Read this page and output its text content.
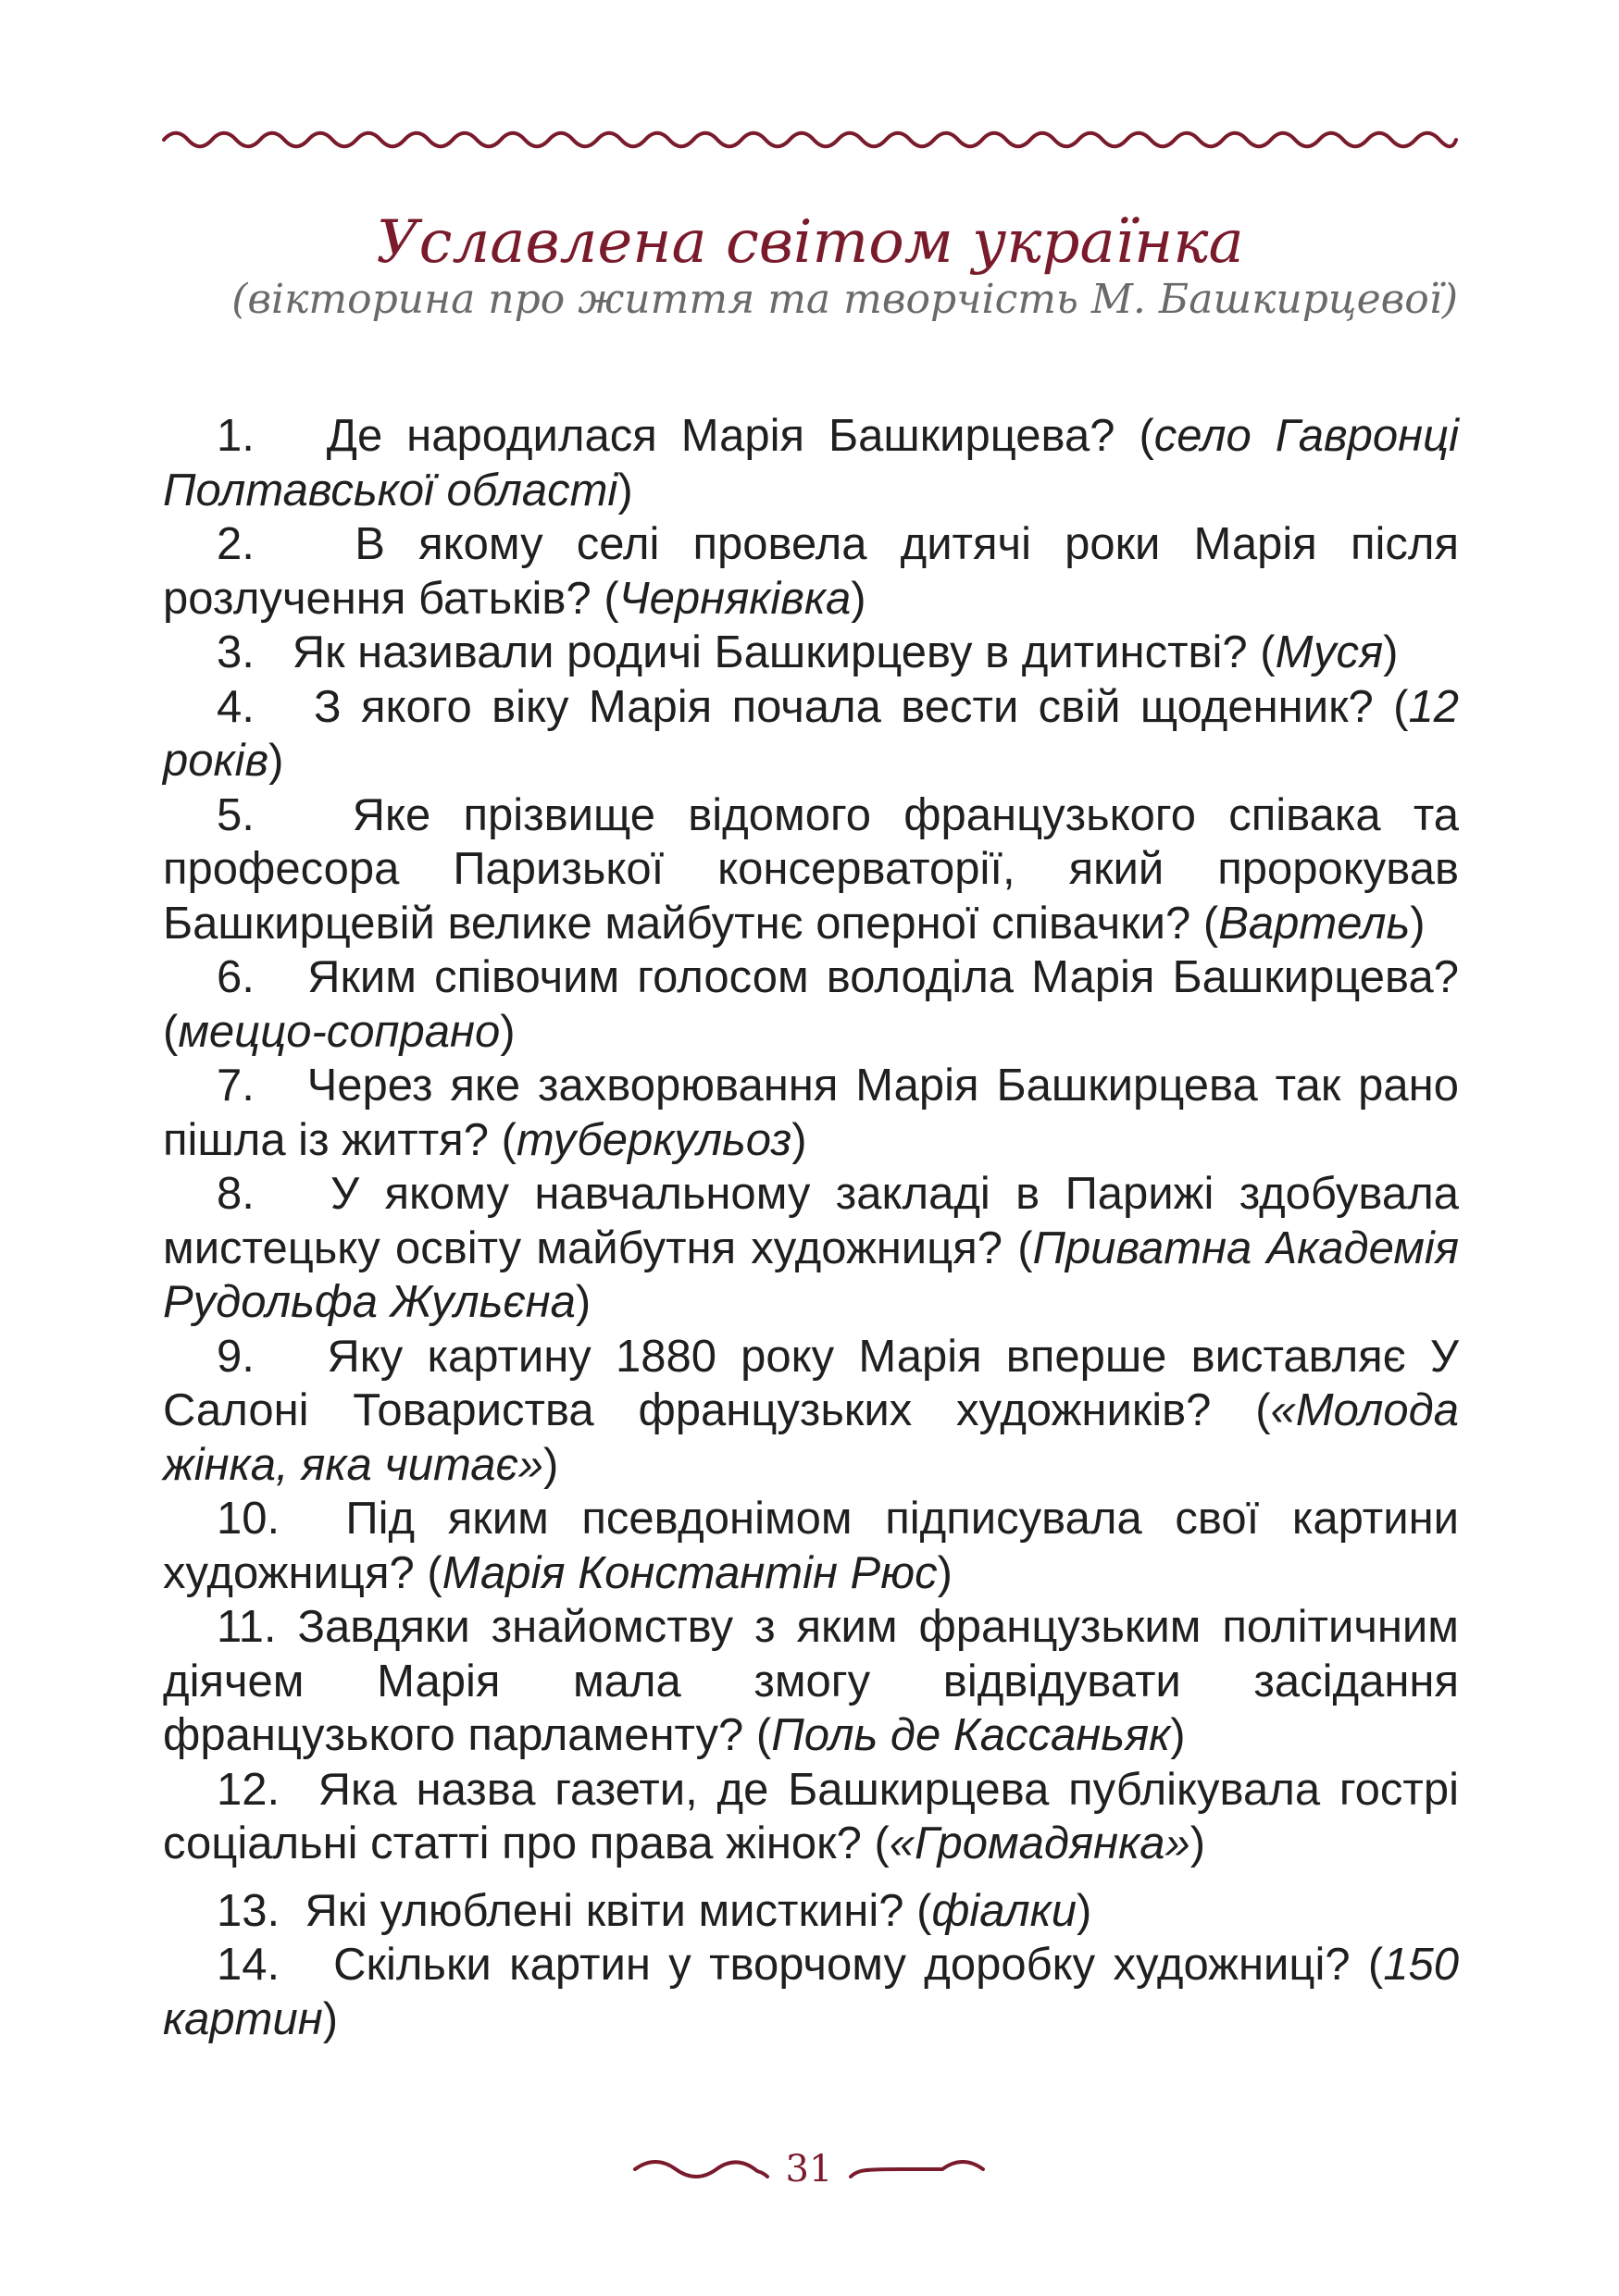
Уславлена світом українка
(вікторина про життя та творчість М. Башкирцевої)

1. Де народилася Марія Башкирцева? (село Гавронці Полтавської області)

2. В якому селі провела дитячі роки Марія після розлучення батьків? (Черняківка)

3. Як називали родичі Башкирцеву в дитинстві? (Муся)

4. З якого віку Марія почала вести свій щоденник? (12 років)

5. Яке прізвище відомого французького співака та професора Паризької консерваторії, який пророкував Башкирцевій велике майбутнє оперної співачки? (Вартель)

6. Яким співочим голосом володіла Марія Башкирцева? (меццо-сопрано)

7. Через яке захворювання Марія Башкирцева так рано пішла із життя? (туберкульоз)

8. У якому навчальному закладі в Парижі здобувала мистецьку освіту майбутня художниця? (Приватна Академія Рудольфа Жульєна)

9. Яку картину 1880 року Марія вперше виставляє У Салоні Товариства французьких художників? («Молода жінка, яка читає»)

10. Під яким псевдонімом підписувала свої картини художниця? (Марія Константін Рюс)

11. Завдяки знайомству з яким французьким політичним діячем Марія мала змогу відвідувати засідання французького парламенту? (Поль де Кассаньяк)

12. Яка назва газети, де Башкирцева публікувала гострі соціальні статті про права жінок? («Громадянка»)

13. Які улюблені квіти мисткині? (фіалки)

14. Скільки картин у творчому доробку художниці? (150 картин)

31
